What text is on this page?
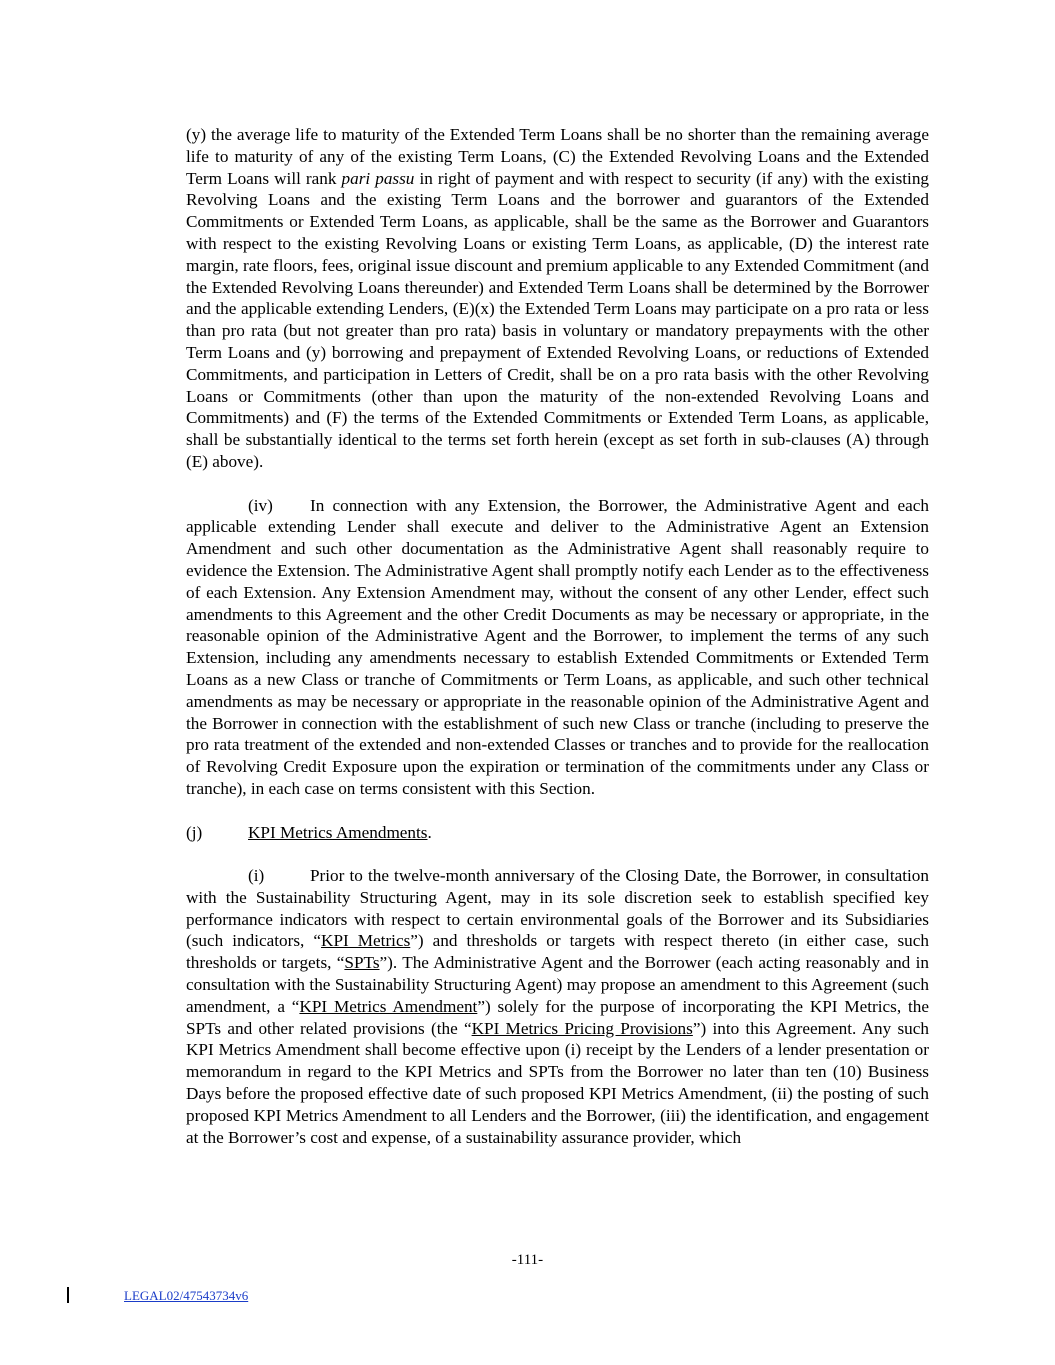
(y) the average life to maturity of the Extended Term Loans shall be no shorter than the remaining average life to maturity of any of the existing Term Loans, (C) the Extended Revolving Loans and the Extended Term Loans will rank pari passu in right of payment and with respect to security (if any) with the existing Revolving Loans and the existing Term Loans and the borrower and guarantors of the Extended Commitments or Extended Term Loans, as applicable, shall be the same as the Borrower and Guarantors with respect to the existing Revolving Loans or existing Term Loans, as applicable, (D) the interest rate margin, rate floors, fees, original issue discount and premium applicable to any Extended Commitment (and the Extended Revolving Loans thereunder) and Extended Term Loans shall be determined by the Borrower and the applicable extending Lenders, (E)(x) the Extended Term Loans may participate on a pro rata or less than pro rata (but not greater than pro rata) basis in voluntary or mandatory prepayments with the other Term Loans and (y) borrowing and prepayment of Extended Revolving Loans, or reductions of Extended Commitments, and participation in Letters of Credit, shall be on a pro rata basis with the other Revolving Loans or Commitments (other than upon the maturity of the non-extended Revolving Loans and Commitments) and (F) the terms of the Extended Commitments or Extended Term Loans, as applicable, shall be substantially identical to the terms set forth herein (except as set forth in sub-clauses (A) through (E) above).

(iv) In connection with any Extension, the Borrower, the Administrative Agent and each applicable extending Lender shall execute and deliver to the Administrative Agent an Extension Amendment and such other documentation as the Administrative Agent shall reasonably require to evidence the Extension. The Administrative Agent shall promptly notify each Lender as to the effectiveness of each Extension. Any Extension Amendment may, without the consent of any other Lender, effect such amendments to this Agreement and the other Credit Documents as may be necessary or appropriate, in the reasonable opinion of the Administrative Agent and the Borrower, to implement the terms of any such Extension, including any amendments necessary to establish Extended Commitments or Extended Term Loans as a new Class or tranche of Commitments or Term Loans, as applicable, and such other technical amendments as may be necessary or appropriate in the reasonable opinion of the Administrative Agent and the Borrower in connection with the establishment of such new Class or tranche (including to preserve the pro rata treatment of the extended and non-extended Classes or tranches and to provide for the reallocation of Revolving Credit Exposure upon the expiration or termination of the commitments under any Class or tranche), in each case on terms consistent with this Section.

(j)	KPI Metrics Amendments.

(i)	Prior to the twelve-month anniversary of the Closing Date, the Borrower, in consultation with the Sustainability Structuring Agent, may in its sole discretion seek to establish specified key performance indicators with respect to certain environmental goals of the Borrower and its Subsidiaries (such indicators, “KPI Metrics”) and thresholds or targets with respect thereto (in either case, such thresholds or targets, “SPTs”). The Administrative Agent and the Borrower (each acting reasonably and in consultation with the Sustainability Structuring Agent) may propose an amendment to this Agreement (such amendment, a “KPI Metrics Amendment”) solely for the purpose of incorporating the KPI Metrics, the SPTs and other related provisions (the “KPI Metrics Pricing Provisions”) into this Agreement. Any such KPI Metrics Amendment shall become effective upon (i) receipt by the Lenders of a lender presentation or memorandum in regard to the KPI Metrics and SPTs from the Borrower no later than ten (10) Business Days before the proposed effective date of such proposed KPI Metrics Amendment, (ii) the posting of such proposed KPI Metrics Amendment to all Lenders and the Borrower, (iii) the identification, and engagement at the Borrower’s cost and expense, of a sustainability assurance provider, which

-111-
LEGAL02/47543734v6
